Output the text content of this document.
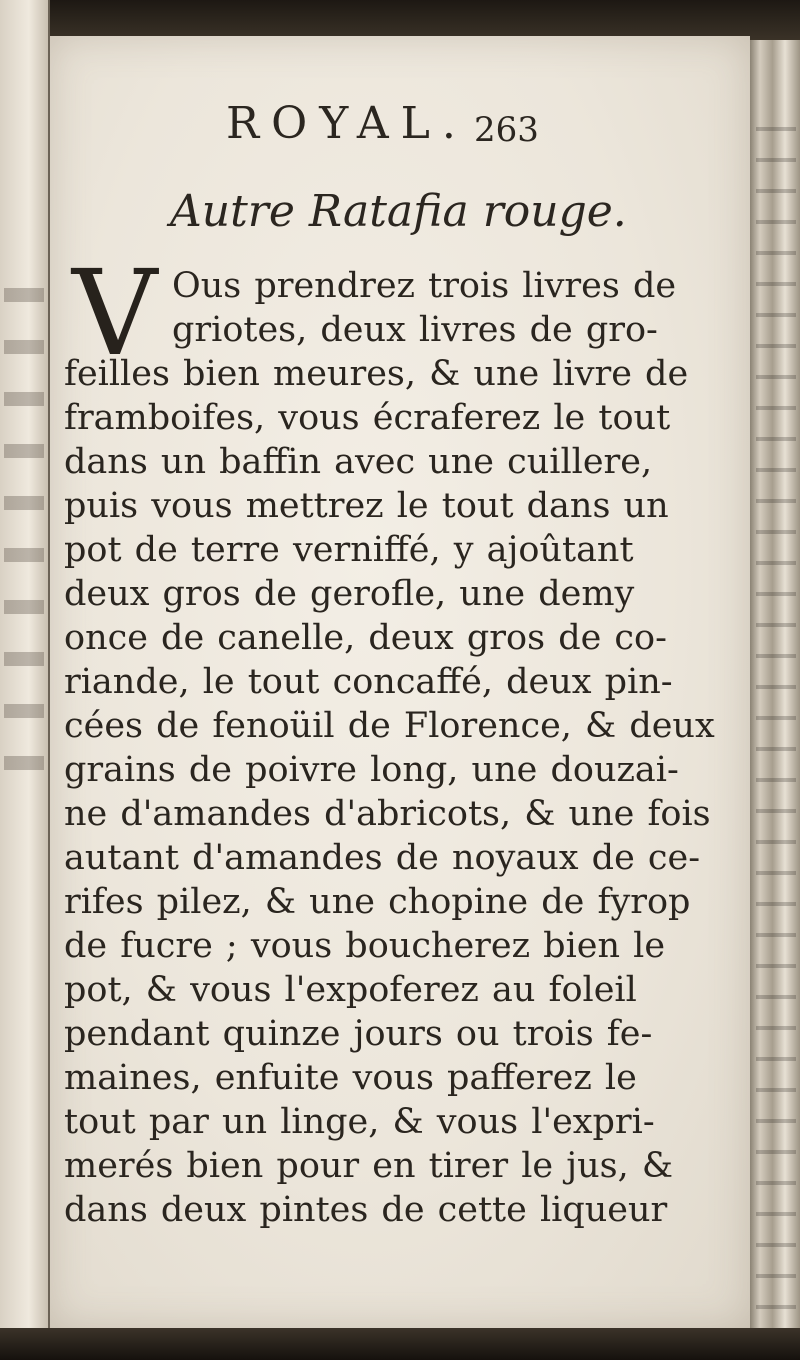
ROYAL. 263
Autre Ratafia rouge.
V Ous prendrez trois livres de
griotes, deux livres de gro-
feilles bien meures, & une livre de
framboifes, vous écraferez le tout
dans un baffin avec une cuillere,
puis vous mettrez le tout dans un
pot de terre verniffé, y ajoûtant
deux gros de gerofle, une demy
once de canelle, deux gros de co-
riande, le tout concaffé, deux pin-
cées de fenoüil de Florence, & deux
grains de poivre long, une douzai-
ne d'amandes d'abricots, & une fois
autant d'amandes de noyaux de ce-
rifes pilez, & une chopine de fyrop
de fucre ; vous boucherez bien le
pot, & vous l'expoferez au foleil
pendant quinze jours ou trois fe-
maines, enfuite vous pafferez le
tout par un linge, & vous l'expri-
merés bien pour en tirer le jus, &
dans deux pintes de cette liqueur
